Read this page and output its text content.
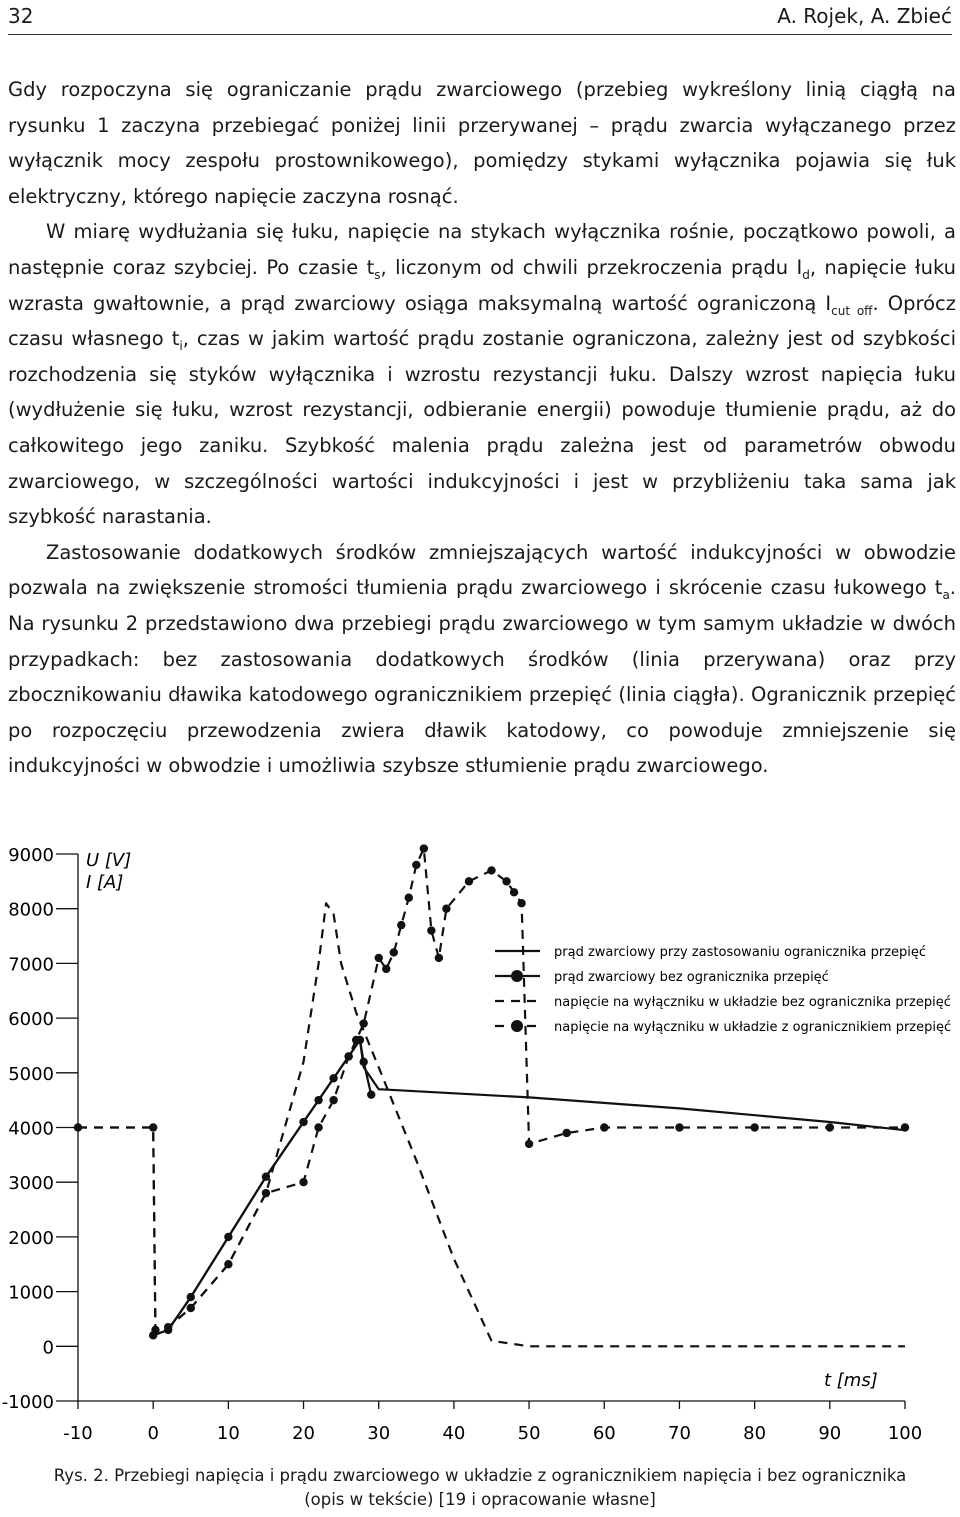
32	A. Rojek, A. Zbieć

Gdy rozpoczyna się ograniczanie prądu zwarciowego (przebieg wykreślony linią ciągłą na rysunku 1 zaczyna przebiegać poniżej linii przerywanej – prądu zwarcia wyłączanego przez wyłącznik mocy zespołu prostownikowego), pomiędzy stykami wyłącznika pojawia się łuk elektryczny, którego napięcie zaczyna rosnąć.

W miarę wydłużania się łuku, napięcie na stykach wyłącznika rośnie, początkowo powoli, a następnie coraz szybciej. Po czasie $t_s$, liczonym od chwili przekroczenia prądu $I_d$, napięcie łuku wzrasta gwałtownie, a prąd zwarciowy osiąga maksymalną wartość ograniczoną $I_{cut off}$. Oprócz czasu własnego $t_i$, czas w jakim wartość prądu zostanie ograniczona, zależny jest od szybkości rozchodzenia się styków wyłącznika i wzrostu rezystancji łuku. Dalszy wzrost napięcia łuku (wydłużenie się łuku, wzrost rezystancji, odbieranie energii) powoduje tłumienie prądu, aż do całkowitego jego zaniku. Szybkość malenia prądu zależna jest od parametrów obwodu zwarciowego, w szczególności wartości indukcyjności i jest w przybliżeniu taka sama jak szybkość narastania.

Zastosowanie dodatkowych środków zmniejszających wartość indukcyjności w obwodzie pozwala na zwiększenie stromości tłumienia prądu zwarciowego i skrócenie czasu łukowego $t_a$. Na rysunku 2 przedstawiono dwa przebiegi prądu zwarciowego w tym samym układzie w dwóch przypadkach: bez zastosowania dodatkowych środków (linia przerywana) oraz przy zbocznikowaniu dławika katodowego ogranicznikiem przepięć (linia ciągła). Ogranicznik przepięć po rozpoczęciu przewodzenia zwiera dławik katodowy, co powoduje zmniejszenie się indukcyjności w obwodzie i umożliwia szybsze stłumienie prądu zwarciowego.

9000
8000
7000
6000
5000
4000
3000
2000
1000
0
-1000
-10	0	10	20	30	40	50	60	70	80	90	100
prąd zwarciowy przy zastosowaniu ogranicznika przepięć
prąd zwarciowy bez ogranicznika przepięć
napięcie na wyłączniku w układzie bez ogranicznika przepięć
napięcie na wyłączniku w układzie z ogranicznikiem przepięć
U [V]
I [A]
t [ms]
Rys. 2. Przebiegi napięcia i prądu zwarciowego w układzie z ogranicznikiem napięcia i bez ogranicznika
(opis w tekście) [19 i opracowanie własne]
